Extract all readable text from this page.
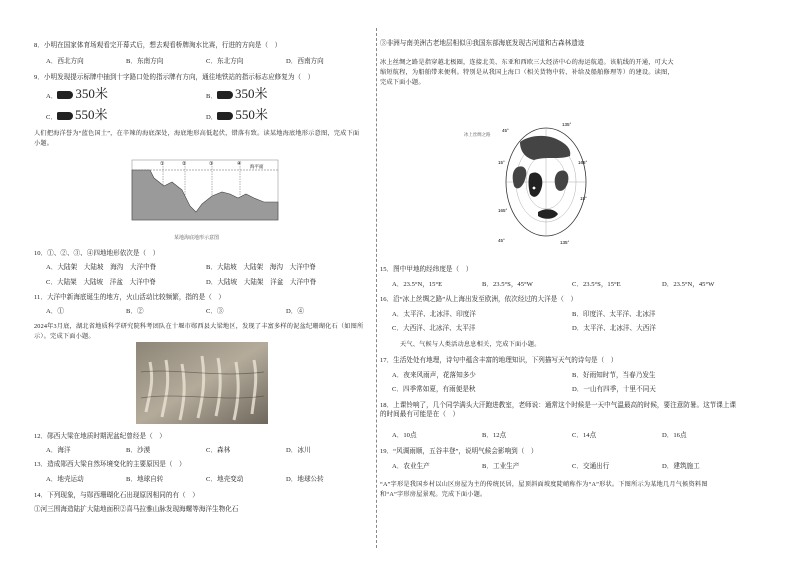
8．小明在国家体育场观看完开幕式后，想去观看桥牌淘水比赛，行进的方向是（　）
A．西北方向	B．东南方向	C．东北方向	D．西南方向
9．小明发现提示标牌中抽到十字路口处的指示牌有方向，通往地铁站的指示标志应修复为（　）
A． 350米	B． 350米
C． 550米	D． 550米
人们把海洋誉为“蓝色国土”，在辛辣的海底深处，海底地形高低起伏，错落有致。读某地海底地形示意图，完成下面小题。
①	②	③	④ 海平面
某地海底地形示意图
10．①、②、③、④四地地形依次是（　）
A．大陆架　大陆坡　海沟　大洋中脊	B．大陆坡　大陆架　海沟　大洋中脊
C．大陆架　大陆坡　洋盆　大洋中脊	D．大陆坡　大陆架　洋盆　大洋中脊
11．大洋中新海底诞生的地方，火山活动比较频繁，指的是（　）
A．①	B．②	C．③	D．④
2024年3月底，湖北省地质科学研究院科考团队在十堰市郧西县大梁地区，发现了丰富多样的泥盆纪珊瑚化石（如图所示）。完成下面小题。
12．郧西大梁在地质时期泥盆纪曾经是（　）
A．海洋	B．沙漠	C．森林	D．冰川
13．造成郧西大梁自然环境变化的主要原因是（　）
A．地壳运动	B．地球自转	C．地壳变动	D．地球公转
14．下列现象，与郧西珊瑚化石出现原因相同的有（　）
①河三围海造陆扩大陆地面积②喜马拉雅山脉发现海螺等海洋生物化石
③非洲与南美洲古老地层相似④我国东部海底发现古河道和古森林遗迹
冰上丝绸之路是指穿越北极圈，连接北美、东亚和西欧三大经济中心的海运航道。该航线的开通，可大大缩短航程，为船舶带来便利。特别是从我国上海口（相关货物中转、补给及船舶修理等）的建设。读图，完成下面小题。
45°
135°
165°
15°
15°
165°
45°	135°
冰上丝绸之路
15．图中甲地的经纬度是（　）
A．23.5°N，15°E	B．23.5°S，45°W	C．23.5°S，15°E	D．23.5°N，45°W
16．沿“冰上丝绸之路”从上海出发至欧洲，依次经过的大洋是（　）
A．太平洋、北冰洋、印度洋	B．印度洋、太平洋、北冰洋
C．大西洋、北冰洋、太平洋	D．太平洋、北冰洋、大西洋
天气、气候与人类活动息息相关，完成下面小题。
17．生活处处有地理，诗句中蕴含丰富的地理知识，下列描写天气的诗句是（　）
A．夜来风雨声，花落知多少	B．好雨知时节，当春乃发生
C．四季常如夏，有雨便是秋	D．一山有四季，十里不同天
18．上课铃响了，几个同学满头大汗跑进教室，老师说：通常这个时候是一天中气温最高的时候，要注意防暑。这节课上课的时间最有可能是在（　）
A．10点	B．12点	C．14点	D．16点
19．“风调雨顺，五谷丰登”，说明气候会影响到（　）
A．农业生产	B．工业生产	C．交通出行	D．建筑施工
“A”字形是我国乡村以山区房屋为主的传统民居，屋顶斜面坡度陡峭称作为“A”形状。下图所示为某地几月气候资料图和“A”字形房屋景观。完成下面小题。
